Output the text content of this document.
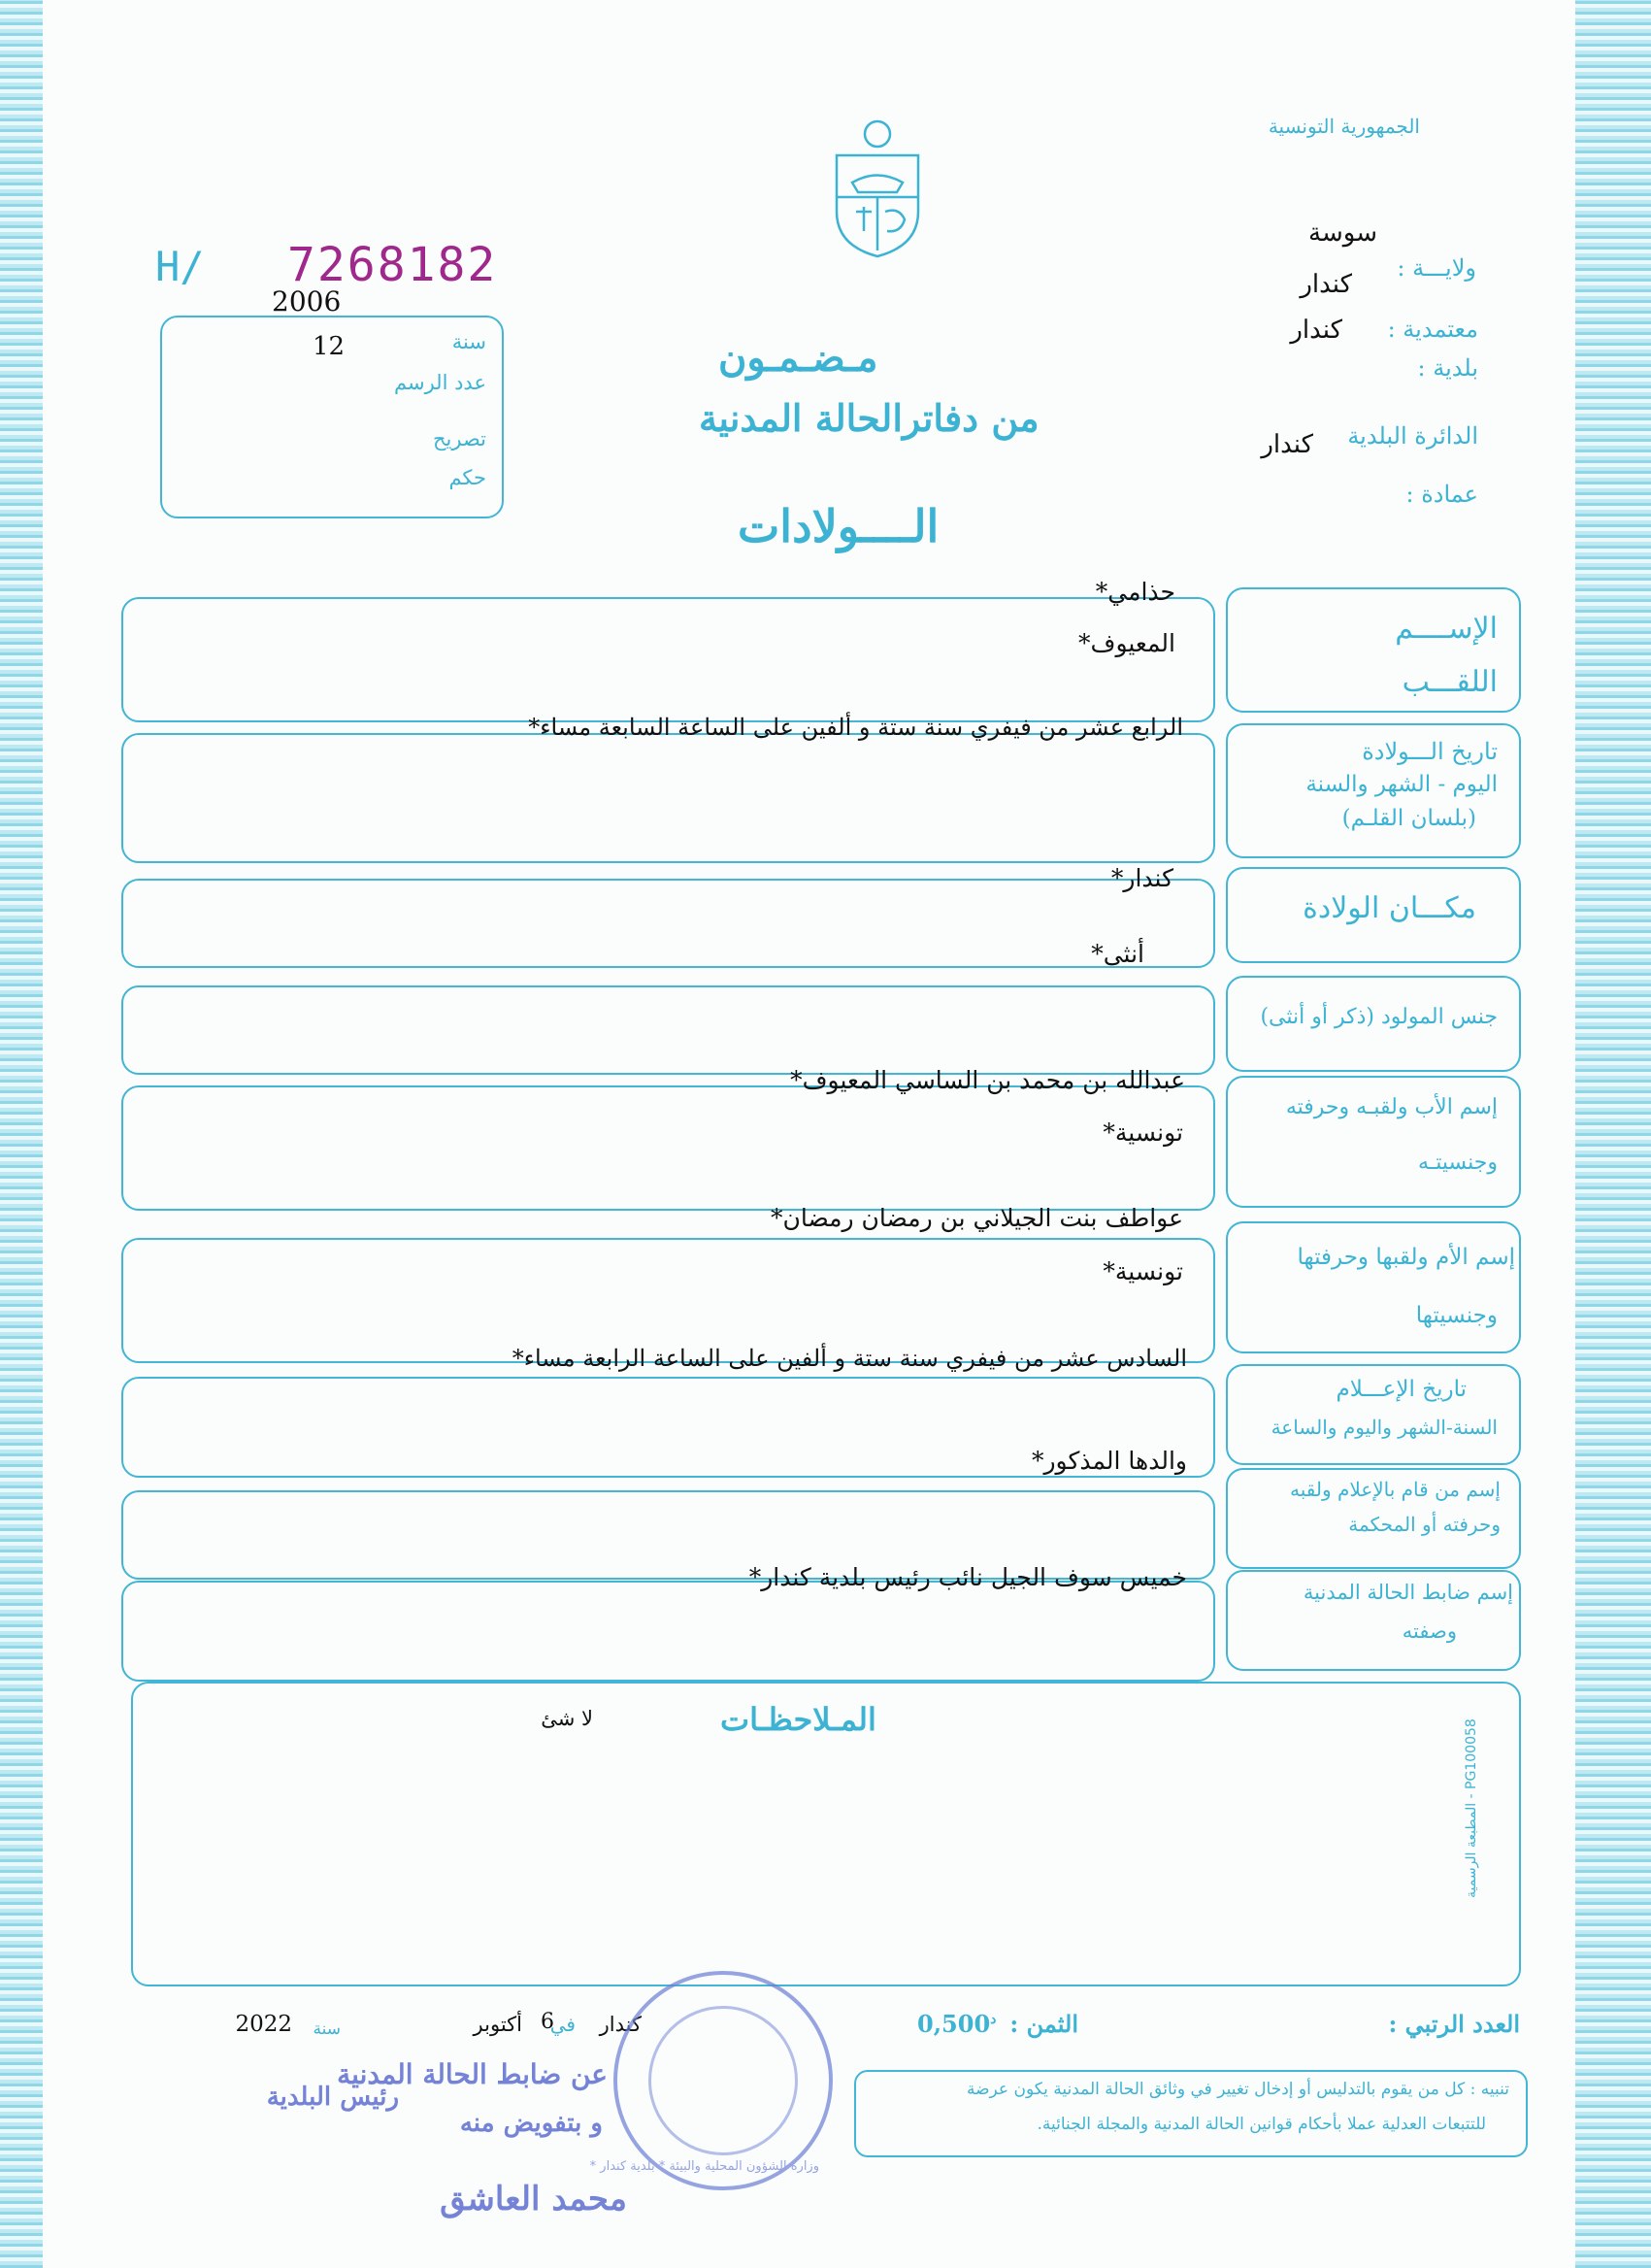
الجمهورية التونسية
H/ 7268182
سوسة
ولايـــة :
كندار
معتمدية :
كندار
بلدية :
الدائرة البلدية
كندار
عمادة :
2006
سنة
12
عدد الرسم
تصريح
حكم
مـضـمـون
من دفاترالحالة المدنية
الــــولادات
الإســــم
اللقـــب
حذامي*
المعيوف*
تاريخ الـــولادة
اليوم - الشهر والسنة
(بلسان القلـم)
الرابع عشر من فيفري سنة ستة و ألفين على الساعة السابعة مساء*
مكـــان الولادة
كندار*
أنثى*
جنس المولود (ذكر أو أنثى)
إسم الأب ولقبـه وحرفته
وجنسيتـه
عبدالله بن محمد بن الساسي المعيوف*
تونسية*
إسم الأم ولقبها وحرفتها
وجنسيتها
عواطف بنت الجيلاني بن رمضان رمضان*
تونسية*
تاريخ الإعـــلام
السنة-الشهر واليوم والساعة
السادس عشر من فيفري سنة ستة و ألفين على الساعة الرابعة مساء*
إسم من قام بالإعلام ولقبه
وحرفته أو المحكمة
والدها المذكور*
إسم ضابط الحالة المدنية
وصفته
خميس سوف الجيل نائب رئيس بلدية كندار*
المـلاحظـات
لا شئ
المطبعة الرسمية - PG100058
العدد الرتبي :
الثمن :
$0,500^د$
كندار
في
6
أكتوبر
سنة
2022
تنبيه : كل من يقوم بالتدليس أو إدخال تغيير في وثائق الحالة المدنية يكون عرضة
للتتبعات العدلية عملا بأحكام قوانين الحالة المدنية والمجلة الجنائية.
وزارة الشؤون المحلية والبيئة * بلدية كندار *
عن ضابط الحالة المدنية
رئيس البلدية
و بتفويض منه
محمد العاشق
